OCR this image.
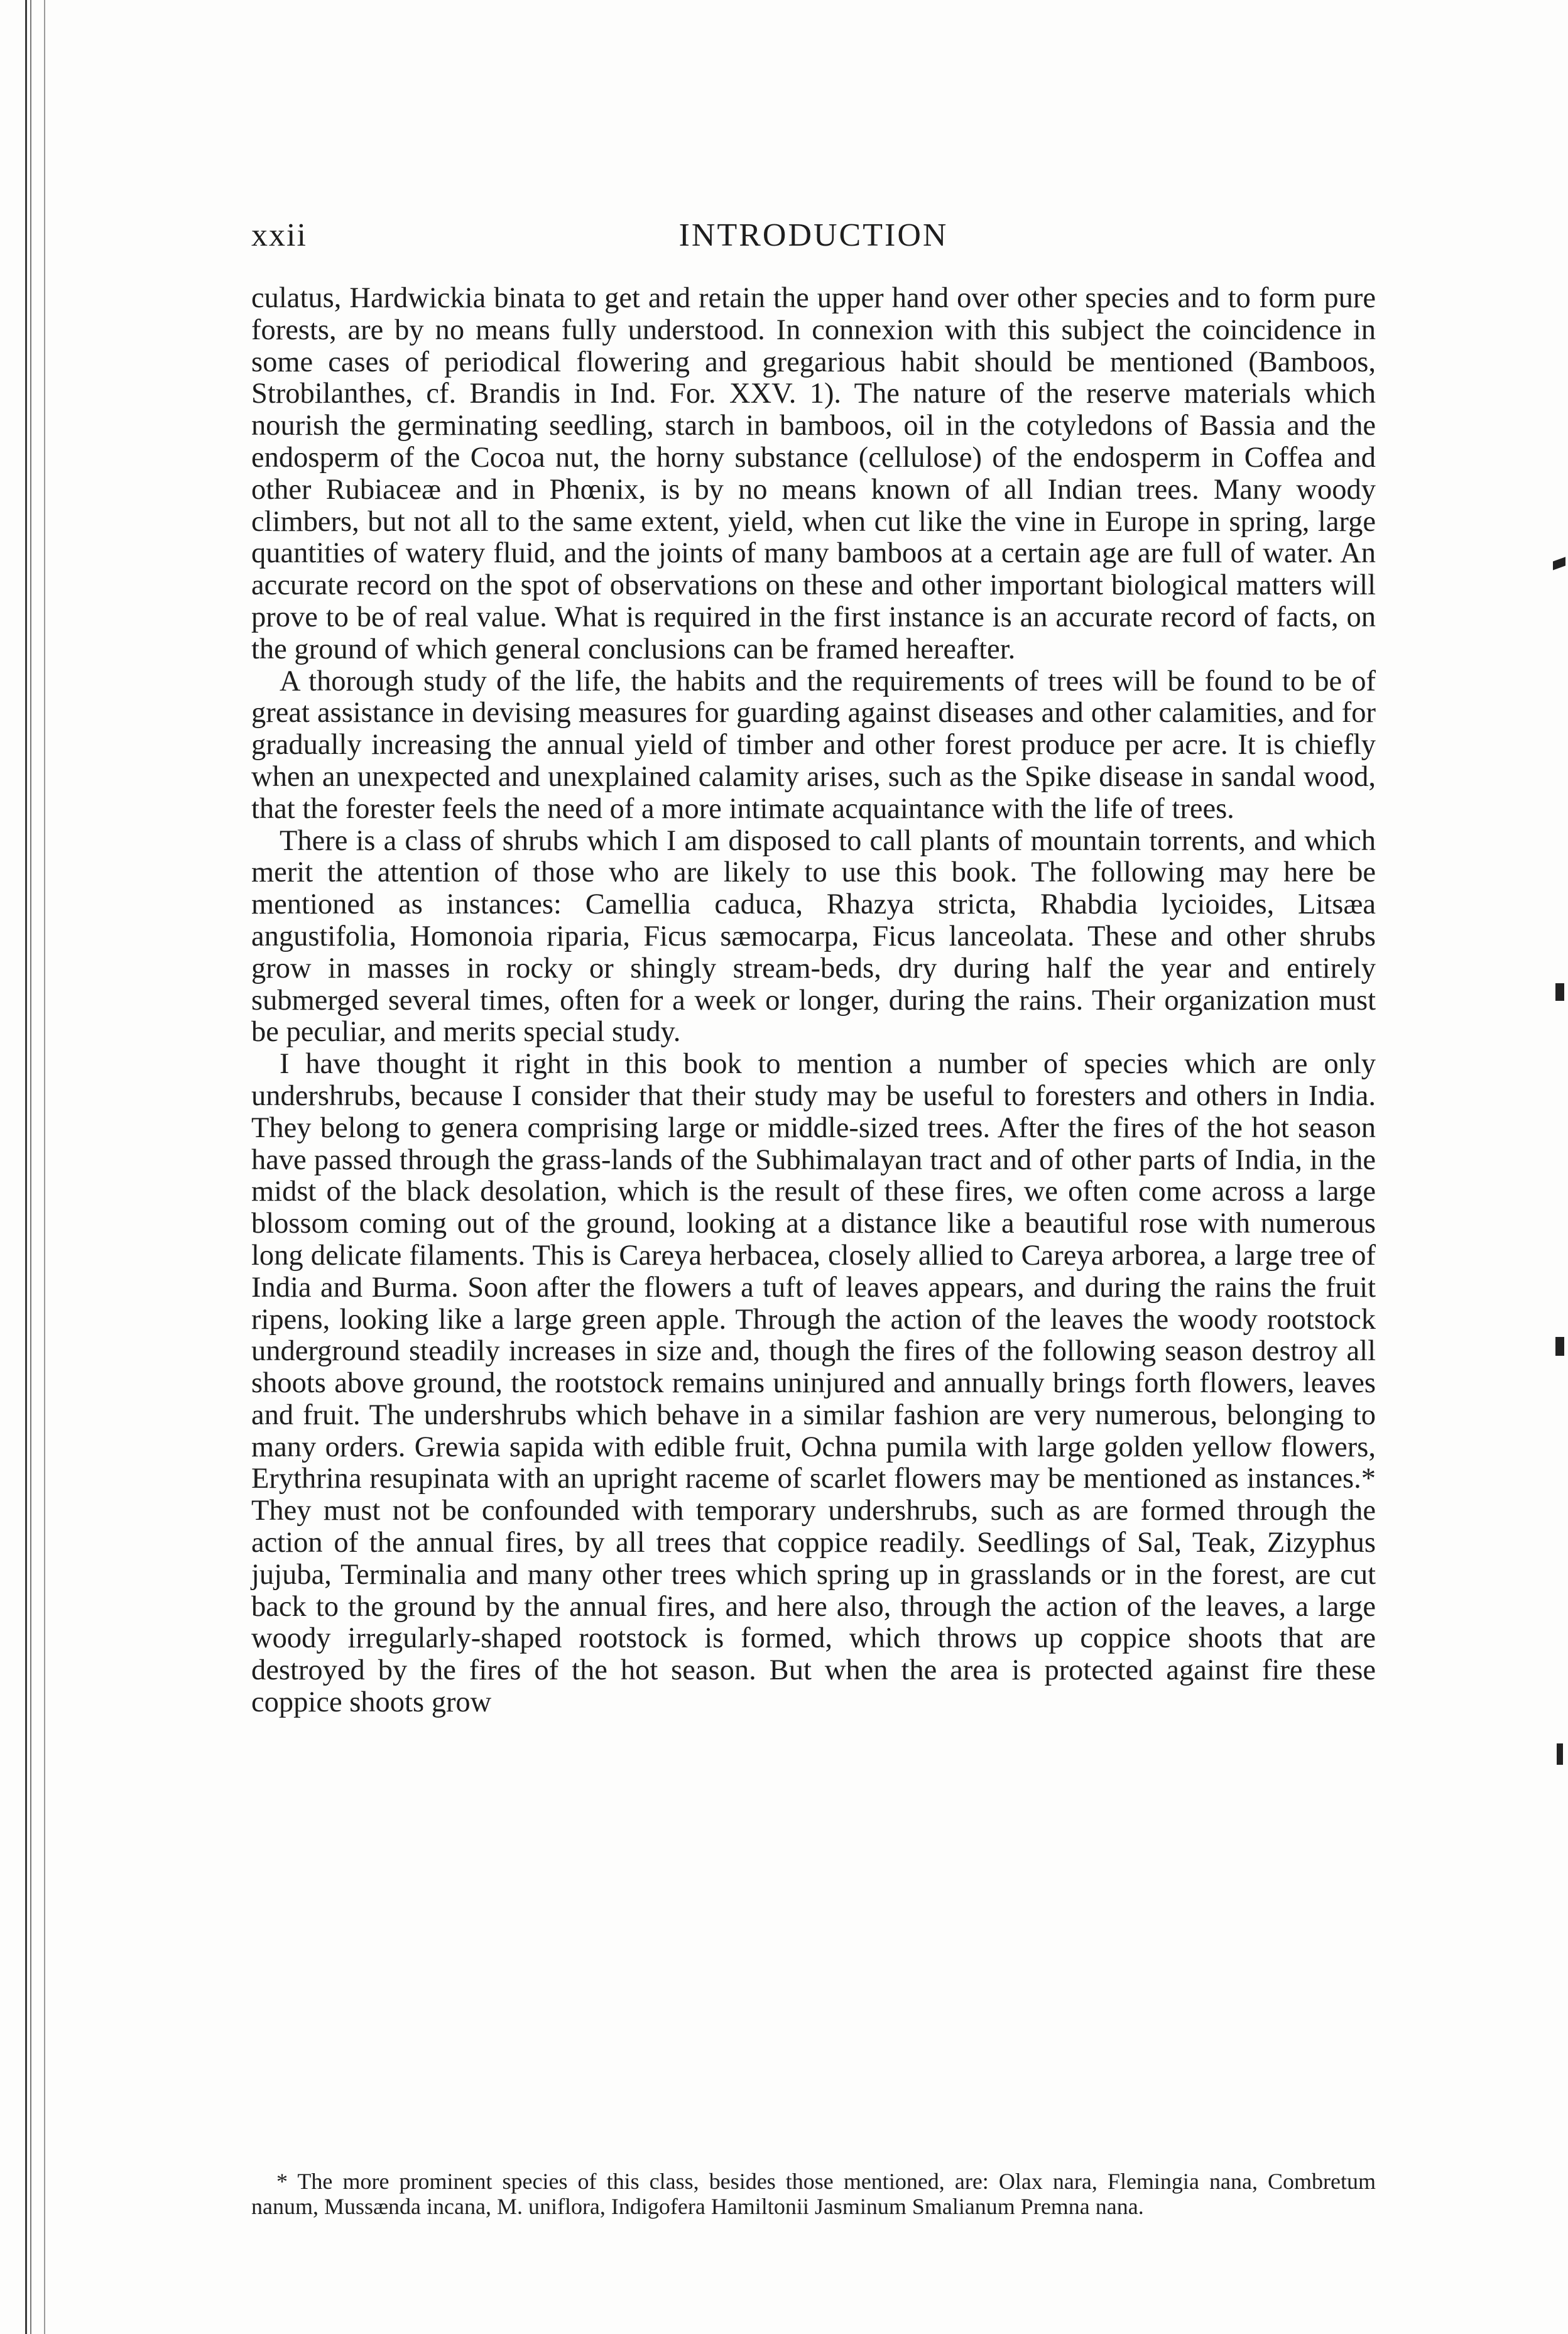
INTRODUCTION
xxii

culatus, Hardwickia binata to get and retain the upper hand over other species and to form pure forests, are by no means fully understood. In connexion with this subject the coincidence in some cases of periodical flowering and gregarious habit should be mentioned (Bamboos, Strobilanthes, cf. Brandis in Ind. For. XXV. 1). The nature of the reserve materials which nourish the germinating seedling, starch in bamboos, oil in the cotyledons of Bassia and the endosperm of the Cocoa nut, the horny substance (cellulose) of the endosperm in Coffea and other Rubiaceæ and in Phœnix, is by no means known of all Indian trees. Many woody climbers, but not all to the same extent, yield, when cut like the vine in Europe in spring, large quantities of watery fluid, and the joints of many bamboos at a certain age are full of water. An accurate record on the spot of observations on these and other important biological matters will prove to be of real value. What is required in the first instance is an accurate record of facts, on the ground of which general conclusions can be framed hereafter.

A thorough study of the life, the habits and the requirements of trees will be found to be of great assistance in devising measures for guarding against diseases and other calamities, and for gradually increasing the annual yield of timber and other forest produce per acre. It is chiefly when an unexpected and unexplained calamity arises, such as the Spike disease in sandal wood, that the forester feels the need of a more intimate acquaintance with the life of trees.

There is a class of shrubs which I am disposed to call plants of mountain torrents, and which merit the attention of those who are likely to use this book. The following may here be mentioned as instances: Camellia caduca, Rhazya stricta, Rhabdia lycioides, Litsæa angustifolia, Homonoia riparia, Ficus sæmocarpa, Ficus lanceolata. These and other shrubs grow in masses in rocky or shingly stream-beds, dry during half the year and entirely submerged several times, often for a week or longer, during the rains. Their organization must be peculiar, and merits special study.

I have thought it right in this book to mention a number of species which are only undershrubs, because I consider that their study may be useful to foresters and others in India. They belong to genera comprising large or middle-sized trees. After the fires of the hot season have passed through the grass-lands of the Subhimalayan tract and of other parts of India, in the midst of the black desolation, which is the result of these fires, we often come across a large blossom coming out of the ground, looking at a distance like a beautiful rose with numerous long delicate filaments. This is Careya herbacea, closely allied to Careya arborea, a large tree of India and Burma. Soon after the flowers a tuft of leaves appears, and during the rains the fruit ripens, looking like a large green apple. Through the action of the leaves the woody rootstock underground steadily increases in size and, though the fires of the following season destroy all shoots above ground, the rootstock remains uninjured and annually brings forth flowers, leaves and fruit. The undershrubs which behave in a similar fashion are very numerous, belonging to many orders. Grewia sapida with edible fruit, Ochna pumila with large golden yellow flowers, Erythrina resupinata with an upright raceme of scarlet flowers may be mentioned as instances.* They must not be confounded with temporary undershrubs, such as are formed through the action of the annual fires, by all trees that coppice readily. Seedlings of Sal, Teak, Zizyphus jujuba, Terminalia and many other trees which spring up in grasslands or in the forest, are cut back to the ground by the annual fires, and here also, through the action of the leaves, a large woody irregularly-shaped rootstock is formed, which throws up coppice shoots that are destroyed by the fires of the hot season. But when the area is protected against fire these coppice shoots grow

* The more prominent species of this class, besides those mentioned, are: Olax nara, Flemingia nana, Combretum nanum, Mussænda incana, M. uniflora, Indigofera Hamiltonii Jasminum Smalianum Premna nana.
